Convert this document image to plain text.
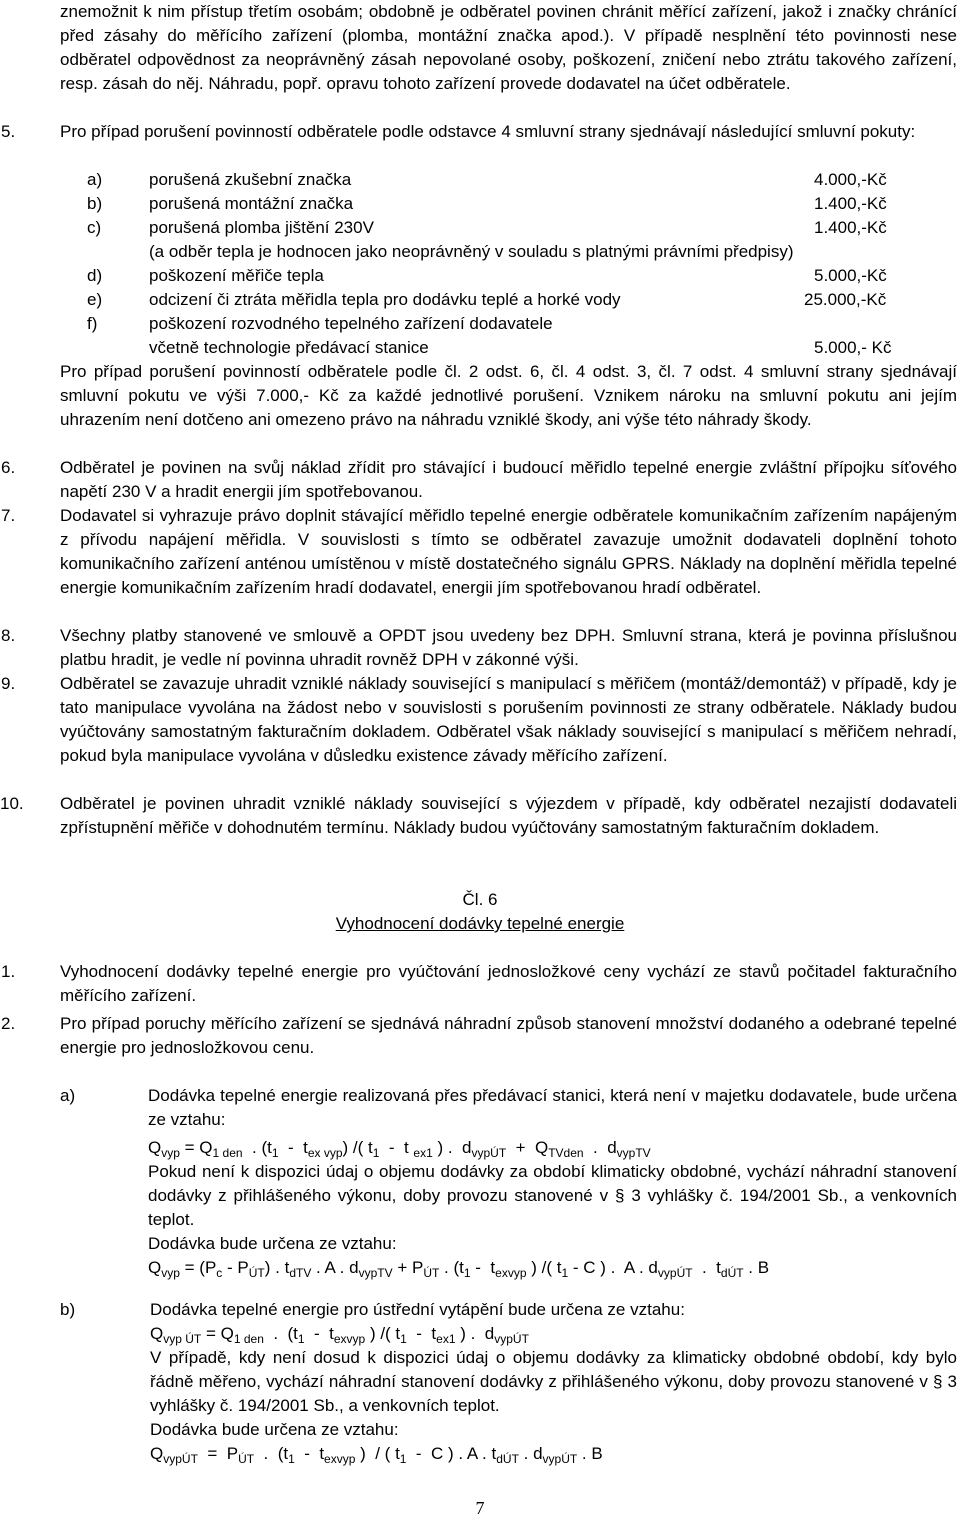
znemožnit k nim přístup třetím osobám; obdobně je odběratel povinen chránit měřící zařízení, jakož i značky chránící před zásahy do měřícího zařízení (plomba, montážní značka apod.). V případě nesplnění této povinnosti nese odběratel odpovědnost za neoprávněný zásah nepovolané osoby, poškození, zničení nebo ztrátu takového zařízení, resp. zásah do něj. Náhradu, popř. opravu tohoto zařízení provede dodavatel na účet odběratele.

5.	Pro případ porušení povinností odběratele podle odstavce 4 smluvní strany sjednávají následující smluvní pokuty:

a)	porušená zkušební značka	4.000,-Kč
b)	porušená montážní značka	1.400,-Kč
c)	porušená plomba jištění 230V	1.400,-Kč
(a odběr tepla je hodnocen jako neoprávněný v souladu s platnými právními předpisy)
d)	poškození měřiče tepla	5.000,-Kč
e)	odcizení či ztráta měřidla tepla pro dodávku teplé a horké vody	25.000,-Kč
f)	poškození rozvodného tepelného zařízení dodavatele
včetně technologie předávací stanice	5.000,- Kč

Pro případ porušení povinností odběratele podle čl. 2 odst. 6, čl. 4 odst. 3, čl. 7 odst. 4 smluvní strany sjednávají smluvní pokutu ve výši 7.000,- Kč za každé jednotlivé porušení. Vznikem nároku na smluvní pokutu ani jejím uhrazením není dotčeno ani omezeno právo na náhradu vzniklé škody, ani výše této náhrady škody.

6.	Odběratel je povinen na svůj náklad zřídit pro stávající i budoucí měřidlo tepelné energie zvláštní přípojku síťového napětí 230 V a hradit energii jím spotřebovanou.

7.	Dodavatel si vyhrazuje právo doplnit stávající měřidlo tepelné energie odběratele komunikačním zařízením napájeným z přívodu napájení měřidla. V souvislosti s tímto se odběratel zavazuje umožnit dodavateli doplnění tohoto komunikačního zařízení anténou umístěnou v místě dostatečného signálu GPRS. Náklady na doplnění měřidla tepelné energie komunikačním zařízením hradí dodavatel, energii jím spotřebovanou hradí odběratel.

8.	Všechny platby stanovené ve smlouvě a OPDT jsou uvedeny bez DPH. Smluvní strana, která je povinna příslušnou platbu hradit, je vedle ní povinna uhradit rovněž DPH v zákonné výši.

9.	Odběratel se zavazuje uhradit vzniklé náklady související s manipulací s měřičem (montáž/demontáž) v případě, kdy je tato manipulace vyvolána na žádost nebo v souvislosti s porušením povinnosti ze strany odběratele. Náklady budou vyúčtovány samostatným fakturačním dokladem. Odběratel však náklady související s manipulací s měřičem nehradí, pokud byla manipulace vyvolána v důsledku existence závady měřícího zařízení.

10.	Odběratel je povinen uhradit vzniklé náklady související s výjezdem v případě, kdy odběratel nezajistí dodavateli zpřístupnění měřiče v dohodnutém termínu. Náklady budou vyúčtovány samostatným fakturačním dokladem.

Čl. 6

Vyhodnocení dodávky tepelné energie

1.	Vyhodnocení dodávky tepelné energie pro vyúčtování jednosložkové ceny vychází ze stavů počitadel fakturačního měřícího zařízení.

2.	Pro případ poruchy měřícího zařízení se sjednává náhradní způsob stanovení množství dodaného a odebrané tepelné energie pro jednosložkovou cenu.

a)	Dodávka tepelné energie realizovaná přes předávací stanici, která není v majetku dodavatele, bude určena ze vztahu:

$Q_{vyp} = Q_{1 den}$  . $(t_1 - t_{ex vyp})$ /( $t_1$  -  t $_{ex1}$ ) .  $d_{vypÚT} + Q_{TVden}$  .  $d_{vypTV}$

Pokud není k dispozici údaj o objemu dodávky za období klimaticky obdobné, vychází náhradní stanovení dodávky z přihlášeného výkonu, doby provozu stanovené v § 3 vyhlášky č. 194/2001 Sb., a venkovních teplot.

Dodávka bude určena ze vztahu:

$Q_{vyp} = (P_c - P_{ÚT})$ . $t_{dTV}$ . A . $d_{vypTV} + P_{ÚT}$ . ($t_1 - t_{exvyp}$ ) /( $t_1$ - C ) .  A . $d_{vypÚT}$  .  $t_{dÚT}$ . B

b)	Dodávka tepelné energie pro ústřední vytápění bude určena ze vztahu:

$Q_{vyp ÚT} = Q_{1 den}$  .  ($t_1 - t_{exvyp}$ ) /( $t_1 - t_{ex1}$ ) .  $d_{vypÚT}$

V případě, kdy není dosud k dispozici údaj o objemu dodávky za klimaticky obdobné období, kdy bylo řádně měřeno, vychází náhradní stanovení dodávky z přihlášeného výkonu, doby provozu stanovené v § 3 vyhlášky č. 194/2001 Sb., a venkovních teplot.

Dodávka bude určena ze vztahu:

$Q_{vypÚT} = P_{ÚT}$  .  ($t_1 - t_{exvyp}$ )  / ( $t_1$  -  C ) . A . $t_{dÚT}$ . $d_{vypÚT}$ . B

7
